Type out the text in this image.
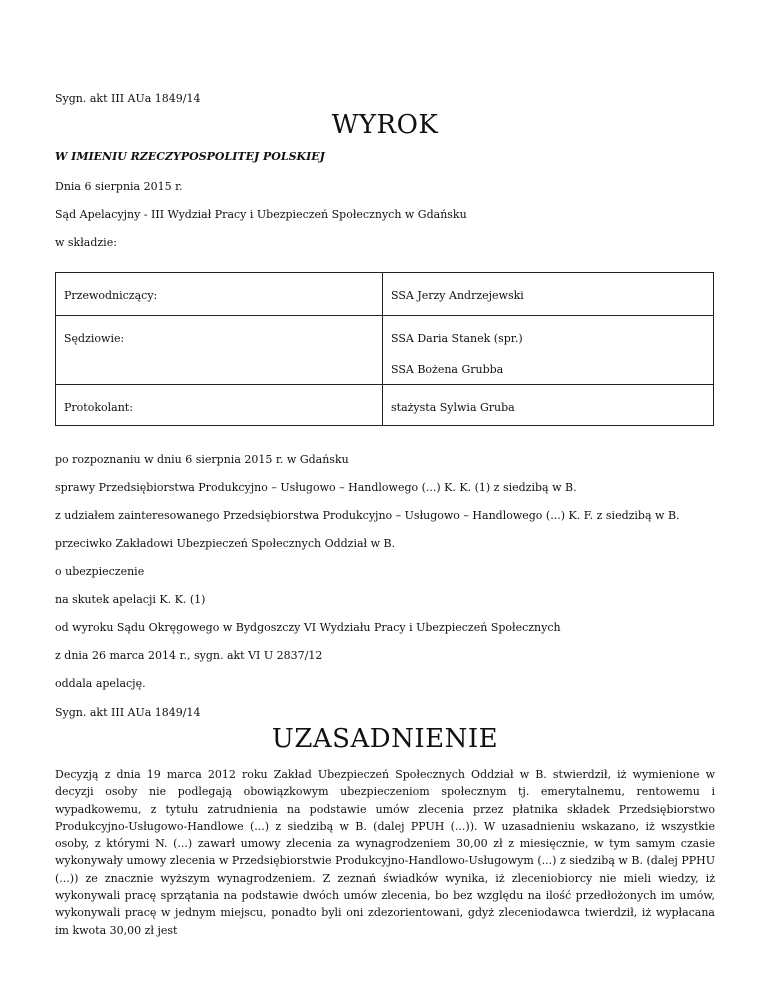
Sygn. akt III AUa 1849/14
WYROK
W IMIENIU RZECZYPOSPOLITEJ POLSKIEJ
Dnia 6 sierpnia 2015 r.
Sąd Apelacyjny - III Wydział Pracy i Ubezpieczeń Społecznych w Gdańsku
w składzie:
Przewodniczący:	SSA Jerzy Andrzejewski

Sędziowie:	SSA Daria Stanek (spr.)
SSA Bożena Grubba

Protokolant:	stażysta Sylwia Gruba
po rozpoznaniu w dniu 6 sierpnia 2015 r. w Gdańsku
sprawy Przedsiębiorstwa Produkcyjno – Usługowo – Handlowego (...) K. K. (1) z siedzibą w B.
z udziałem zainteresowanego Przedsiębiorstwa Produkcyjno – Usługowo – Handlowego (...) K. F. z siedzibą w B.
przeciwko Zakładowi Ubezpieczeń Społecznych Oddział w B.
o ubezpieczenie
na skutek apelacji K. K. (1)
od wyroku Sądu Okręgowego w Bydgoszczy VI Wydziału Pracy i Ubezpieczeń Społecznych
z dnia 26 marca 2014 r., sygn. akt VI U 2837/12
oddala apelację.
Sygn. akt III AUa 1849/14
UZASADNIENIE
Decyzją z dnia 19 marca 2012 roku Zakład Ubezpieczeń Społecznych Oddział w B. stwierdził, iż wymienione w decyzji osoby nie podlegają obowiązkowym ubezpieczeniom społecznym tj. emerytalnemu, rentowemu i wypadkowemu, z tytułu zatrudnienia na podstawie umów zlecenia przez płatnika składek Przedsiębiorstwo Produkcyjno-Usługowo-Handlowe (...) z siedzibą w B. (dalej PPUH (...)). W uzasadnieniu wskazano, iż wszystkie osoby, z którymi N. (...) zawarł umowy zlecenia za wynagrodzeniem 30,00 zł z miesięcznie, w tym samym czasie wykonywały umowy zlecenia w Przedsiębiorstwie Produkcyjno-Handlowo-Usługowym (...) z siedzibą w B. (dalej PPHU (...)) ze znacznie wyższym wynagrodzeniem. Z zeznań świadków wynika, iż zleceniobiorcy nie mieli wiedzy, iż wykonywali pracę sprzątania na podstawie dwóch umów zlecenia, bo bez względu na ilość przedłożonych im umów, wykonywali pracę w jednym miejscu, ponadto byli oni zdezorientowani, gdyż zleceniodawca twierdził, iż wypłacana im kwota 30,00 zł jest
